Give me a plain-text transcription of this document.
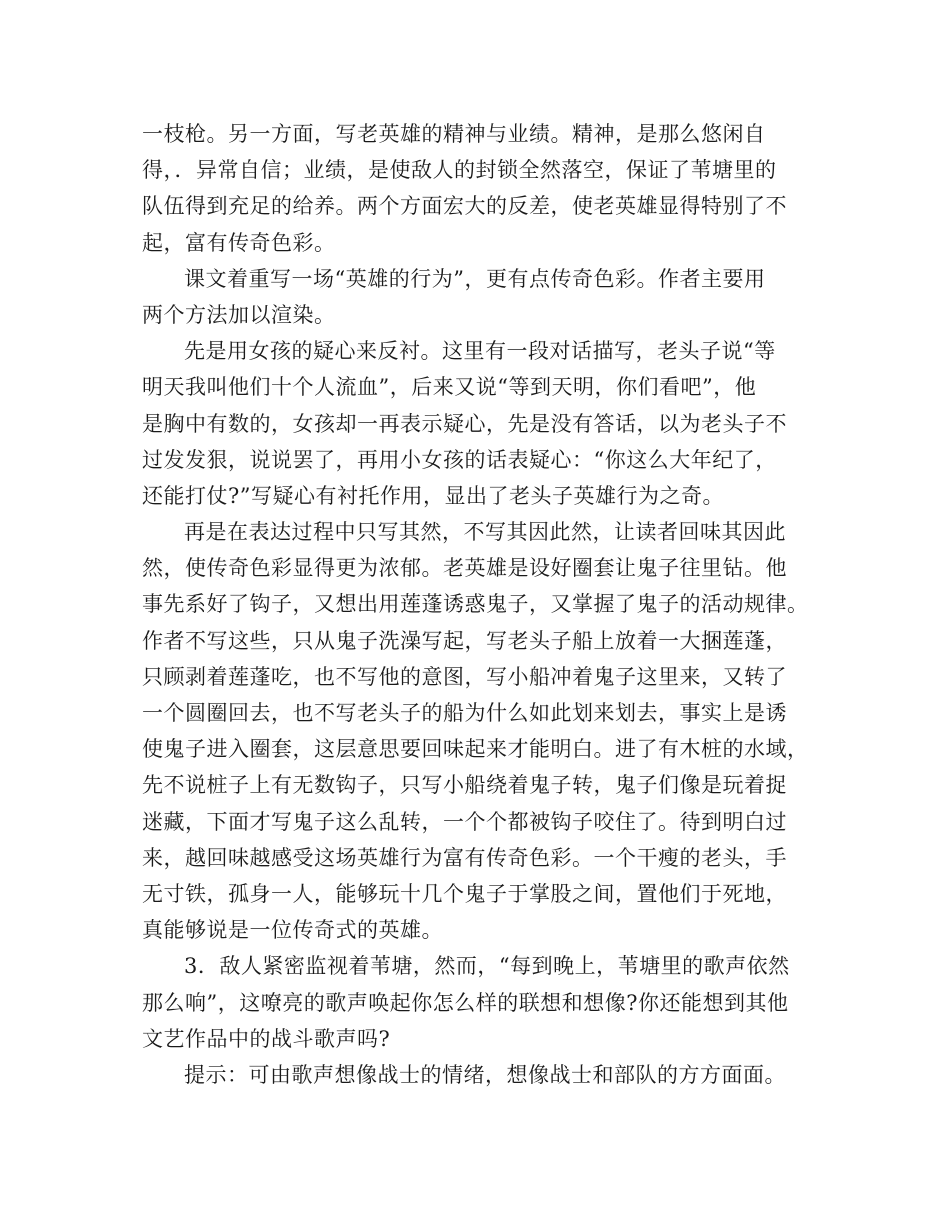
一枝枪。另一方面，写老英雄的精神与业绩。精神，是那么悠闲自
得，．异常自信；业绩，是使敌人的封锁全然落空，保证了苇塘里的
队伍得到充足的给养。两个方面宏大的反差，使老英雄显得特别了不
起，富有传奇色彩。
课文着重写一场“英雄的行为”，更有点传奇色彩。作者主要用
两个方法加以渲染。
先是用女孩的疑心来反衬。这里有一段对话描写，老头子说“等
明天我叫他们十个人流血”，后来又说“等到天明，你们看吧”，他
是胸中有数的，女孩却一再表示疑心，先是没有答话，以为老头子不
过发发狠，说说罢了，再用小女孩的话表疑心：“你这么大年纪了，
还能打仗?”写疑心有衬托作用，显出了老头子英雄行为之奇。
再是在表达过程中只写其然，不写其因此然，让读者回味其因此
然，使传奇色彩显得更为浓郁。老英雄是设好圈套让鬼子往里钻。他
事先系好了钩子，又想出用莲蓬诱惑鬼子，又掌握了鬼子的活动规律。
作者不写这些，只从鬼子洗澡写起，写老头子船上放着一大捆莲蓬，
只顾剥着莲蓬吃，也不写他的意图，写小船冲着鬼子这里来，又转了
一个圆圈回去，也不写老头子的船为什么如此划来划去，事实上是诱
使鬼子进入圈套，这层意思要回味起来才能明白。进了有木桩的水域，
先不说桩子上有无数钩子，只写小船绕着鬼子转，鬼子们像是玩着捉
迷藏，下面才写鬼子这么乱转，一个个都被钩子咬住了。待到明白过
来，越回味越感受这场英雄行为富有传奇色彩。一个干瘦的老头，手
无寸铁，孤身一人，能够玩十几个鬼子于掌股之间，置他们于死地，
真能够说是一位传奇式的英雄。
3．敌人紧密监视着苇塘，然而，“每到晚上，苇塘里的歌声依然
那么响”，这嘹亮的歌声唤起你怎么样的联想和想像?你还能想到其他
文艺作品中的战斗歌声吗?
提示：可由歌声想像战士的情绪，想像战士和部队的方方面面。
